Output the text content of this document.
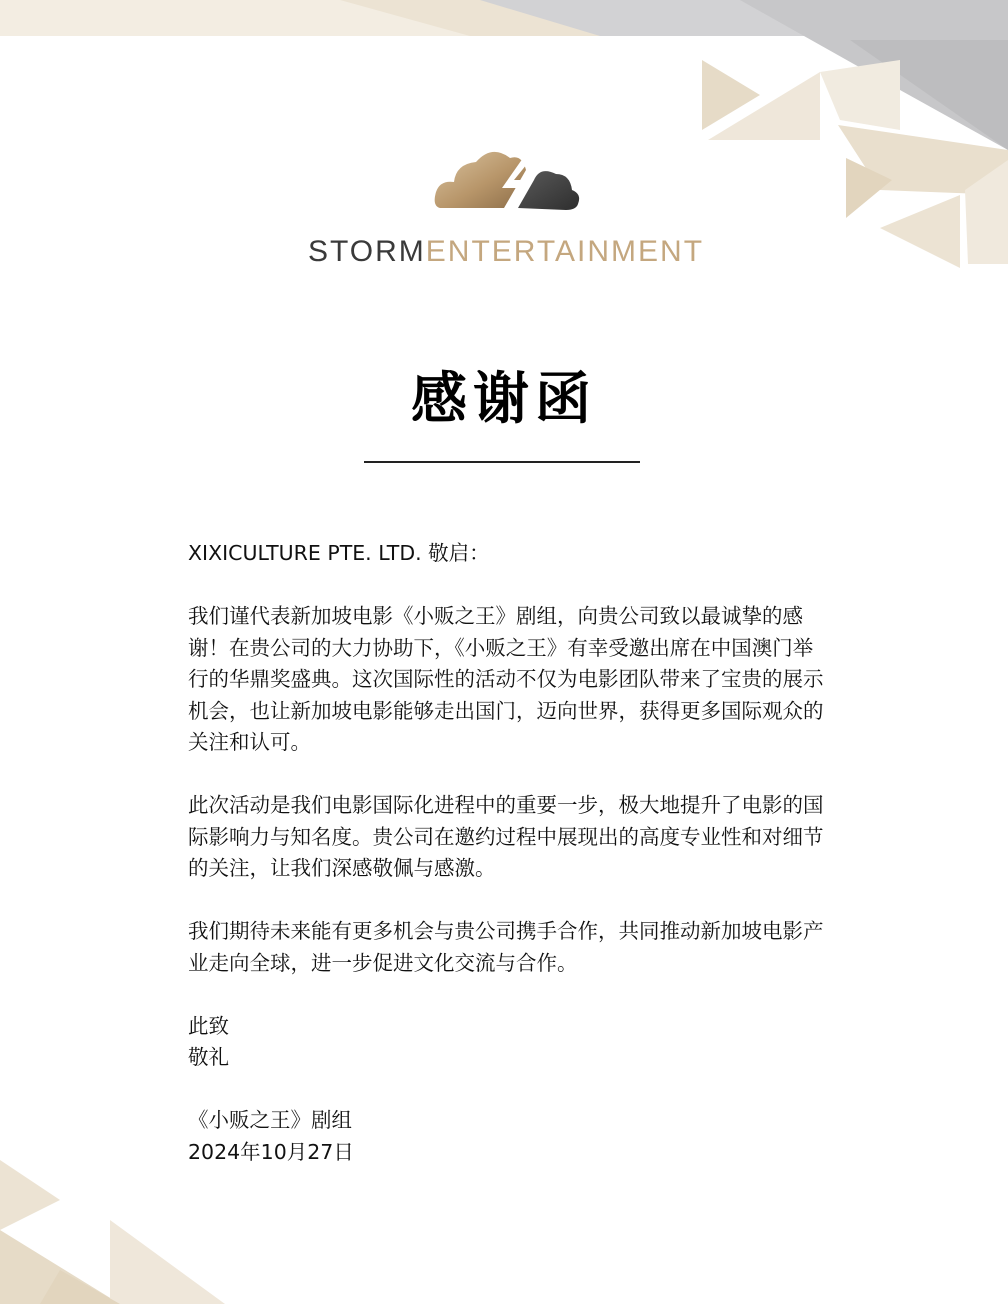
STORMENTERTAINMENT
感谢函

XIXICULTURE PTE. LTD. 敬启：

我们谨代表新加坡电影《小贩之王》剧组，向贵公司致以最诚挚的感谢！在贵公司的大力协助下，《小贩之王》有幸受邀出席在中国澳门举行的华鼎奖盛典。这次国际性的活动不仅为电影团队带来了宝贵的展示机会，也让新加坡电影能够走出国门，迈向世界，获得更多国际观众的关注和认可。

此次活动是我们电影国际化进程中的重要一步，极大地提升了电影的国际影响力与知名度。贵公司在邀约过程中展现出的高度专业性和对细节的关注，让我们深感敬佩与感激。

我们期待未来能有更多机会与贵公司携手合作，共同推动新加坡电影产业走向全球，进一步促进文化交流与合作。

此致

敬礼

《小贩之王》剧组

2024年10月27日
